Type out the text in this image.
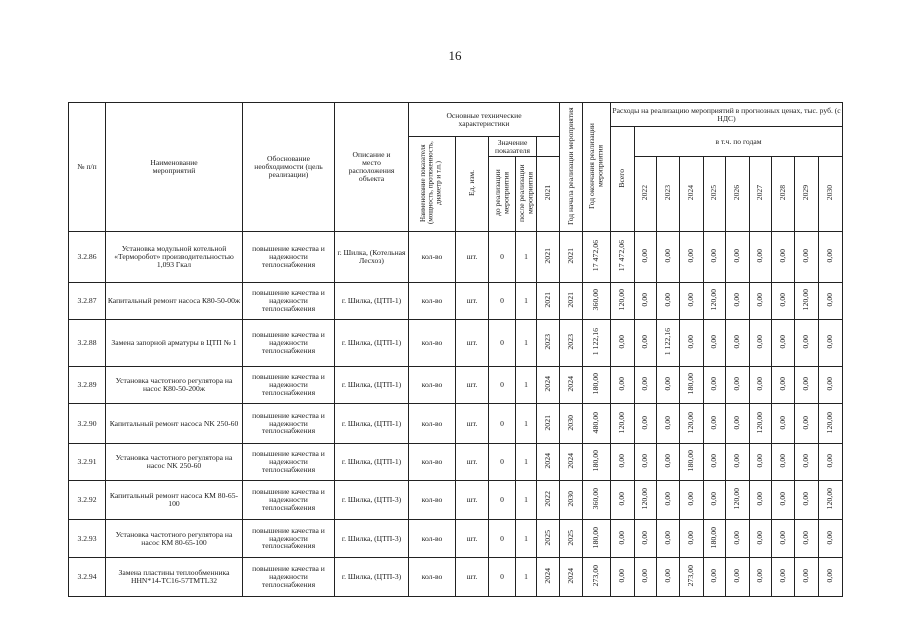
16
№ п/п	Наименование мероприятий	Обоснование необходимости (цель реализации)	Описание и место расположения объекта	Основные технические характеристики					Год начала реализации мероприятия	Год окончания реализации мероприятия	Расходы на реализацию мероприятий в прогнозных ценах, тыс. руб. (с НДС)									
											Всего	в т.ч. по годам								
				Наименование показателя (мощность, протяженность, диаметр и т.п.)	Ед. изм.	Значение показателя														
						до реализации мероприятия	после реализации мероприятия	2021				2022	2023	2024	2025	2026	2027	2028	2029	2030
3.2.86	Установка модульной котельной «Терморобот» производительностью 1,093 Гкал	повышение качества и надежности теплоснабжения	г. Шилка, (Котельная Лесхоз)	кол-во	шт.	0	1	2021	2021	17 472,06	17 472,06	0,00	0,00	0,00	0,00	0,00	0,00	0,00	0,00	0,00
3.2.87	Капитальный ремонт насоса К80-50-00ж	повышение качества и надежности теплоснабжения	г. Шилка, (ЦТП-1)	кол-во	шт.	0	1	2021	2021	360,00	120,00	0,00	0,00	0,00	120,00	0,00	0,00	0,00	120,00	0,00
3.2.88	Замена запорной арматуры в ЦТП № 1	повышение качества и надежности теплоснабжения	г. Шилка, (ЦТП-1)	кол-во	шт.	0	1	2023	2023	1 122,16	0,00	0,00	1 122,16	0,00	0,00	0,00	0,00	0,00	0,00	0,00
3.2.89	Установка частотного регулятора на насос К80-50-200ж	повышение качества и надежности теплоснабжения	г. Шилка, (ЦТП-1)	кол-во	шт.	0	1	2024	2024	180,00	0,00	0,00	0,00	180,00	0,00	0,00	0,00	0,00	0,00	0,00
3.2.90	Капитальный ремонт насоса NK 250-60	повышение качества и надежности теплоснабжения	г. Шилка, (ЦТП-1)	кол-во	шт.	0	1	2021	2030	480,00	120,00	0,00	0,00	120,00	0,00	0,00	120,00	0,00	0,00	120,00
3.2.91	Установка частотного регулятора на насос NK 250-60	повышение качества и надежности теплоснабжения	г. Шилка, (ЦТП-1)	кол-во	шт.	0	1	2024	2024	180,00	0,00	0,00	0,00	180,00	0,00	0,00	0,00	0,00	0,00	0,00
3.2.92	Капитальный ремонт насоса КМ 80-65-100	повышение качества и надежности теплоснабжения	г. Шилка, (ЦТП-3)	кол-во	шт.	0	1	2022	2030	360,00	0,00	120,00	0,00	0,00	0,00	120,00	0,00	0,00	0,00	120,00
3.2.93	Установка частотного регулятора на насос КМ 80-65-100	повышение качества и надежности теплоснабжения	г. Шилка, (ЦТП-3)	кол-во	шт.	0	1	2025	2025	180,00	0,00	0,00	0,00	0,00	180,00	0,00	0,00	0,00	0,00	0,00
3.2.94	Замена пластины теплообменника HHN*14-TC16-57TMTL32	повышение качества и надежности теплоснабжения	г. Шилка, (ЦТП-3)	кол-во	шт.	0	1	2024	2024	273,00	0,00	0,00	0,00	273,00	0,00	0,00	0,00	0,00	0,00	0,00
